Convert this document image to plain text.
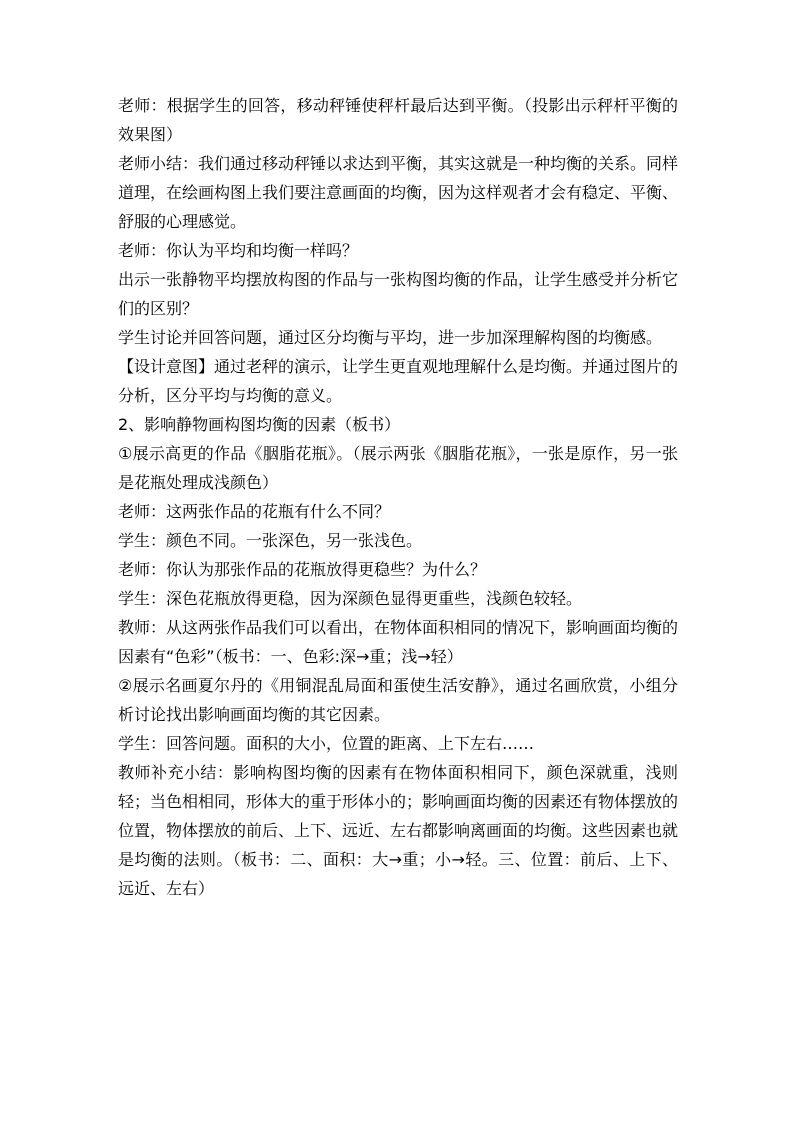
老师：根据学生的回答，移动秤锤使秤杆最后达到平衡。（投影出示秤杆平衡的效果图）

老师小结：我们通过移动秤锤以求达到平衡，其实这就是一种均衡的关系。同样道理，在绘画构图上我们要注意画面的均衡，因为这样观者才会有稳定、平衡、舒服的心理感觉。

老师：你认为平均和均衡一样吗？

出示一张静物平均摆放构图的作品与一张构图均衡的作品，让学生感受并分析它们的区别？

学生讨论并回答问题，通过区分均衡与平均，进一步加深理解构图的均衡感。

【设计意图】通过老秤的演示，让学生更直观地理解什么是均衡。并通过图片的分析，区分平均与均衡的意义。

2、影响静物画构图均衡的因素（板书）

①展示高更的作品《胭脂花瓶》。（展示两张《胭脂花瓶》，一张是原作，另一张是花瓶处理成浅颜色）

老师：这两张作品的花瓶有什么不同？

学生：颜色不同。一张深色，另一张浅色。

老师：你认为那张作品的花瓶放得更稳些？为什么？

学生：深色花瓶放得更稳，因为深颜色显得更重些，浅颜色较轻。

教师：从这两张作品我们可以看出，在物体面积相同的情况下，影响画面均衡的因素有“色彩”（板书：一、色彩:深→重；浅→轻）

②展示名画夏尔丹的《用铜混乱局面和蛋使生活安静》，通过名画欣赏，小组分析讨论找出影响画面均衡的其它因素。

学生：回答问题。面积的大小，位置的距离、上下左右……

教师补充小结：影响构图均衡的因素有在物体面积相同下，颜色深就重，浅则轻；当色相相同，形体大的重于形体小的；影响画面均衡的因素还有物体摆放的位置，物体摆放的前后、上下、远近、左右都影响离画面的均衡。这些因素也就是均衡的法则。（板书：二、面积：大→重；小→轻。三、位置：前后、上下、远近、左右）
